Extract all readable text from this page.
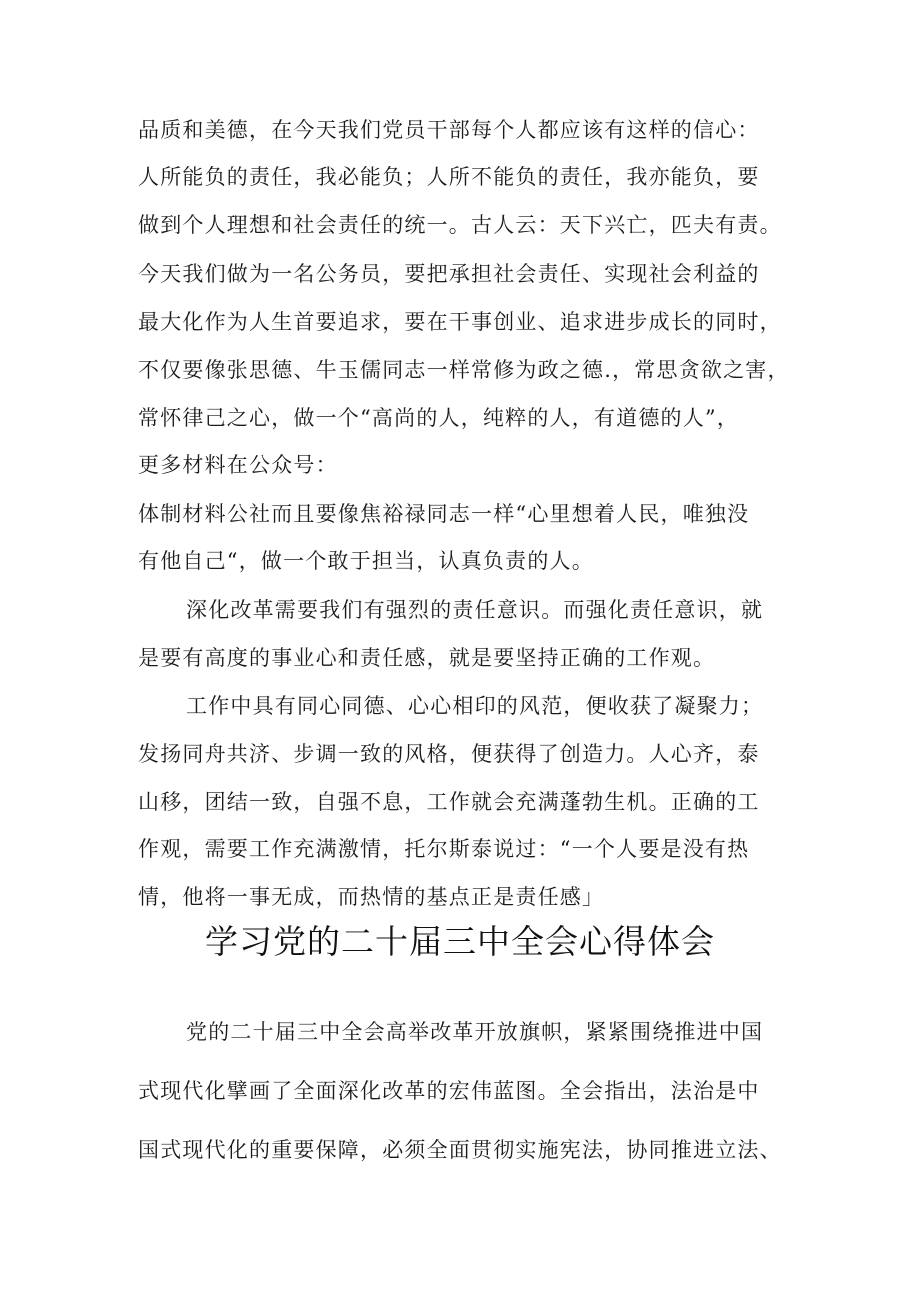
品质和美德，在今天我们党员干部每个人都应该有这样的信心：
人所能负的责任，我必能负；人所不能负的责任，我亦能负，要
做到个人理想和社会责任的统一。古人云：天下兴亡，匹夫有责。
今天我们做为一名公务员，要把承担社会责任、实现社会利益的
最大化作为人生首要追求，要在干事创业、追求进步成长的同时，
不仅要像张思德、牛玉儒同志一样常修为政之德.，常思贪欲之害，
常怀律己之心，做一个“高尚的人，纯粹的人，有道德的人”，
更多材料在公众号：
体制材料公社而且要像焦裕禄同志一样“心里想着人民，唯独没
有他自己“，做一个敢于担当，认真负责的人。
深化改革需要我们有强烈的责任意识。而强化责任意识，就
是要有高度的事业心和责任感，就是要坚持正确的工作观。
工作中具有同心同德、心心相印的风范，便收获了凝聚力；
发扬同舟共济、步调一致的风格，便获得了创造力。人心齐，泰
山移，团结一致，自强不息，工作就会充满蓬勃生机。正确的工
作观，需要工作充满激情，托尔斯泰说过：“一个人要是没有热
情，他将一事无成，而热情的基点正是责任感」
学习党的二十届三中全会心得体会
党的二十届三中全会高举改革开放旗帜，紧紧围绕推进中国
式现代化擘画了全面深化改革的宏伟蓝图。全会指出，法治是中
国式现代化的重要保障，必须全面贯彻实施宪法，协同推进立法、
